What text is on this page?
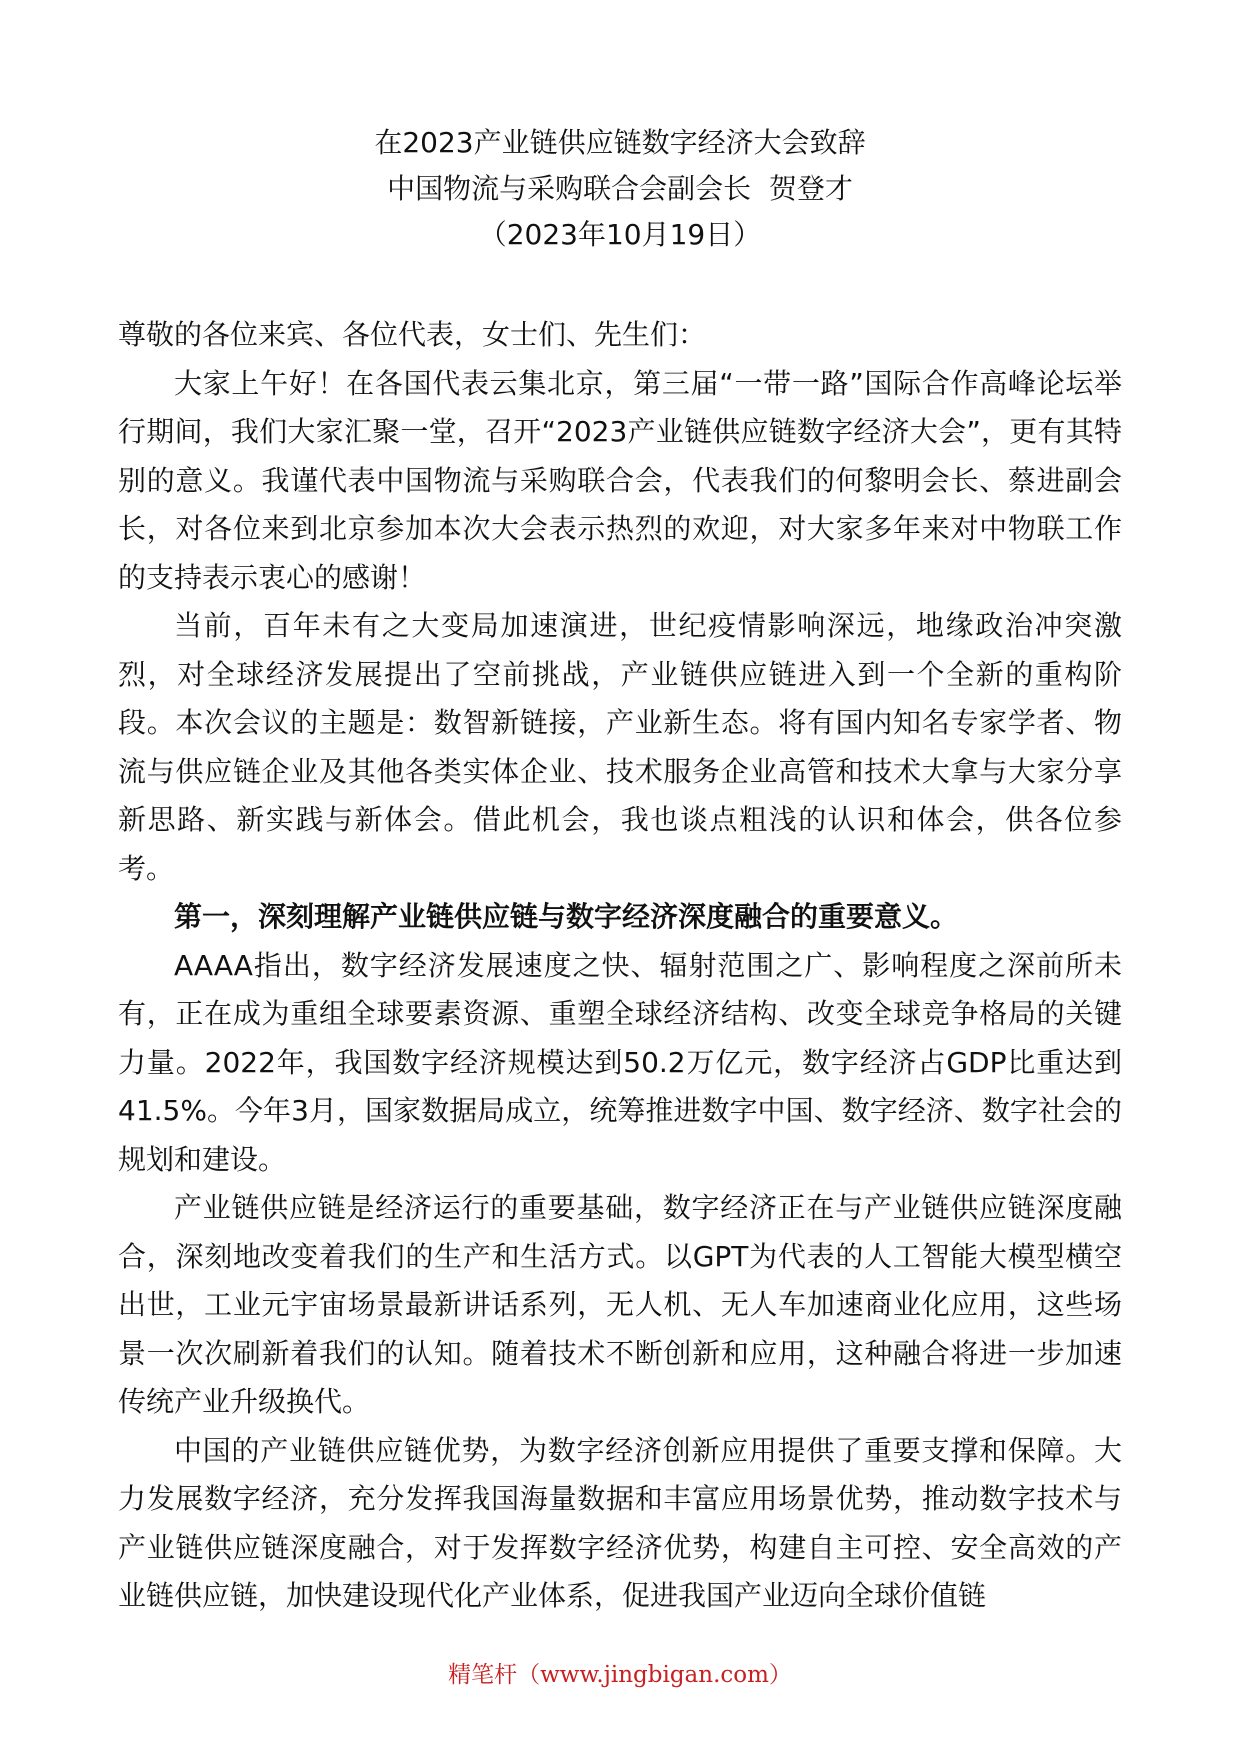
在2023产业链供应链数字经济大会致辞
中国物流与采购联合会副会长  贺登才
（2023年10月19日）

尊敬的各位来宾、各位代表，女士们、先生们：

大家上午好！在各国代表云集北京，第三届“一带一路”国际合作高峰论坛举行期间，我们大家汇聚一堂，召开“2023产业链供应链数字经济大会”，更有其特别的意义。我谨代表中国物流与采购联合会，代表我们的何黎明会长、蔡进副会长，对各位来到北京参加本次大会表示热烈的欢迎，对大家多年来对中物联工作的支持表示衷心的感谢！

当前，百年未有之大变局加速演进，世纪疫情影响深远，地缘政治冲突激烈，对全球经济发展提出了空前挑战，产业链供应链进入到一个全新的重构阶段。本次会议的主题是：数智新链接，产业新生态。将有国内知名专家学者、物流与供应链企业及其他各类实体企业、技术服务企业高管和技术大拿与大家分享新思路、新实践与新体会。借此机会，我也谈点粗浅的认识和体会，供各位参考。

第一，深刻理解产业链供应链与数字经济深度融合的重要意义。

AAAA指出，数字经济发展速度之快、辐射范围之广、影响程度之深前所未有，正在成为重组全球要素资源、重塑全球经济结构、改变全球竞争格局的关键力量。2022年，我国数字经济规模达到50.2万亿元，数字经济占GDP比重达到41.5%。今年3月，国家数据局成立，统筹推进数字中国、数字经济、数字社会的规划和建设。

产业链供应链是经济运行的重要基础，数字经济正在与产业链供应链深度融合，深刻地改变着我们的生产和生活方式。以GPT为代表的人工智能大模型横空出世，工业元宇宙场景最新讲话系列，无人机、无人车加速商业化应用，这些场景一次次刷新着我们的认知。随着技术不断创新和应用，这种融合将进一步加速传统产业升级换代。

中国的产业链供应链优势，为数字经济创新应用提供了重要支撑和保障。大力发展数字经济，充分发挥我国海量数据和丰富应用场景优势，推动数字技术与产业链供应链深度融合，对于发挥数字经济优势，构建自主可控、安全高效的产业链供应链，加快建设现代化产业体系，促进我国产业迈向全球价值链

精笔杆（www.jingbigan.com）
